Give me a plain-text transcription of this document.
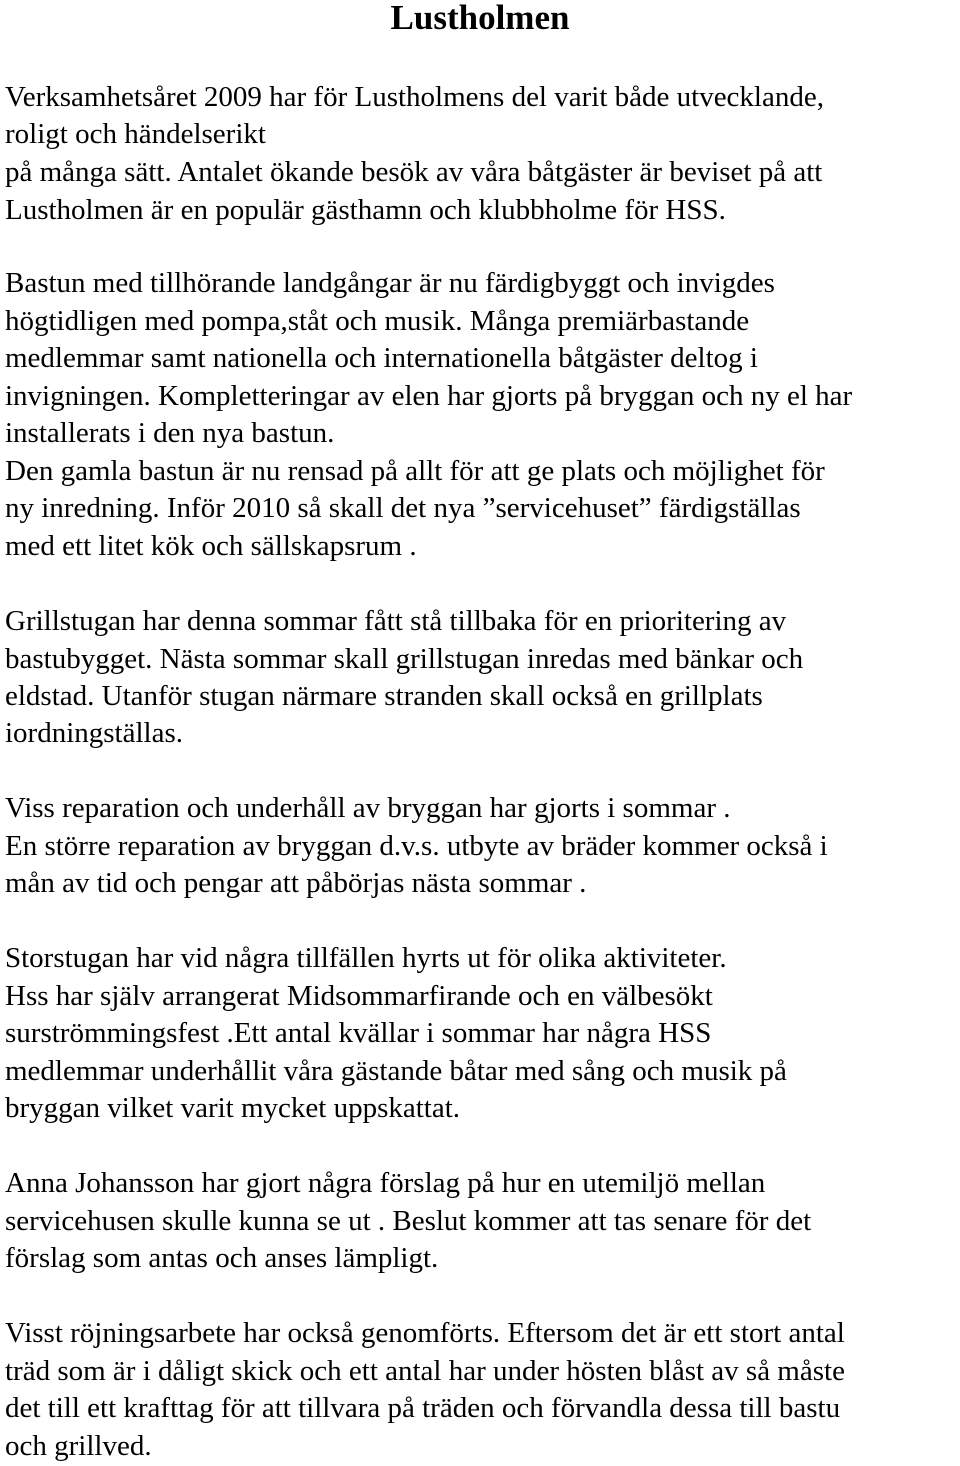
Lustholmen

Verksamhetsåret 2009 har för Lustholmens del varit både utvecklande,

roligt och händelserikt

på många sätt. Antalet ökande besök av våra båtgäster är beviset på att

Lustholmen är en populär gästhamn och klubbholme för HSS.

Bastun med tillhörande landgångar är nu färdigbyggt och invigdes

högtidligen med pompa,ståt och musik. Många premiärbastande

medlemmar samt nationella och internationella båtgäster deltog i

invigningen. Kompletteringar av elen har gjorts på bryggan och ny el har

installerats i den nya bastun.

Den gamla bastun är nu rensad på allt för att ge plats och möjlighet för

ny inredning. Inför 2010 så skall det nya ”servicehuset” färdigställas

med ett litet kök och sällskapsrum .

Grillstugan har denna sommar fått stå tillbaka för en prioritering av

bastubygget. Nästa sommar skall grillstugan inredas med bänkar och

eldstad. Utanför stugan närmare stranden skall också en grillplats

iordningställas.

Viss reparation och underhåll av bryggan har gjorts i sommar .

En större reparation av bryggan d.v.s. utbyte av bräder kommer också i

mån av tid och pengar att påbörjas nästa sommar .

Storstugan har vid några tillfällen hyrts ut för olika aktiviteter.

Hss har själv arrangerat Midsommarfirande och en välbesökt

surströmmingsfest .Ett antal kvällar i sommar har några HSS

medlemmar underhållit våra gästande båtar med sång och musik på

bryggan vilket varit mycket uppskattat.

Anna Johansson har gjort några förslag på hur en utemiljö mellan

servicehusen skulle kunna se ut . Beslut kommer att tas senare för det

förslag som antas och anses lämpligt.

Visst röjningsarbete har också genomförts. Eftersom det är ett stort antal

träd som är i dåligt skick och ett antal har under hösten blåst av så måste

det till ett krafttag för att tillvara på träden och förvandla dessa till bastu

och grillved.
